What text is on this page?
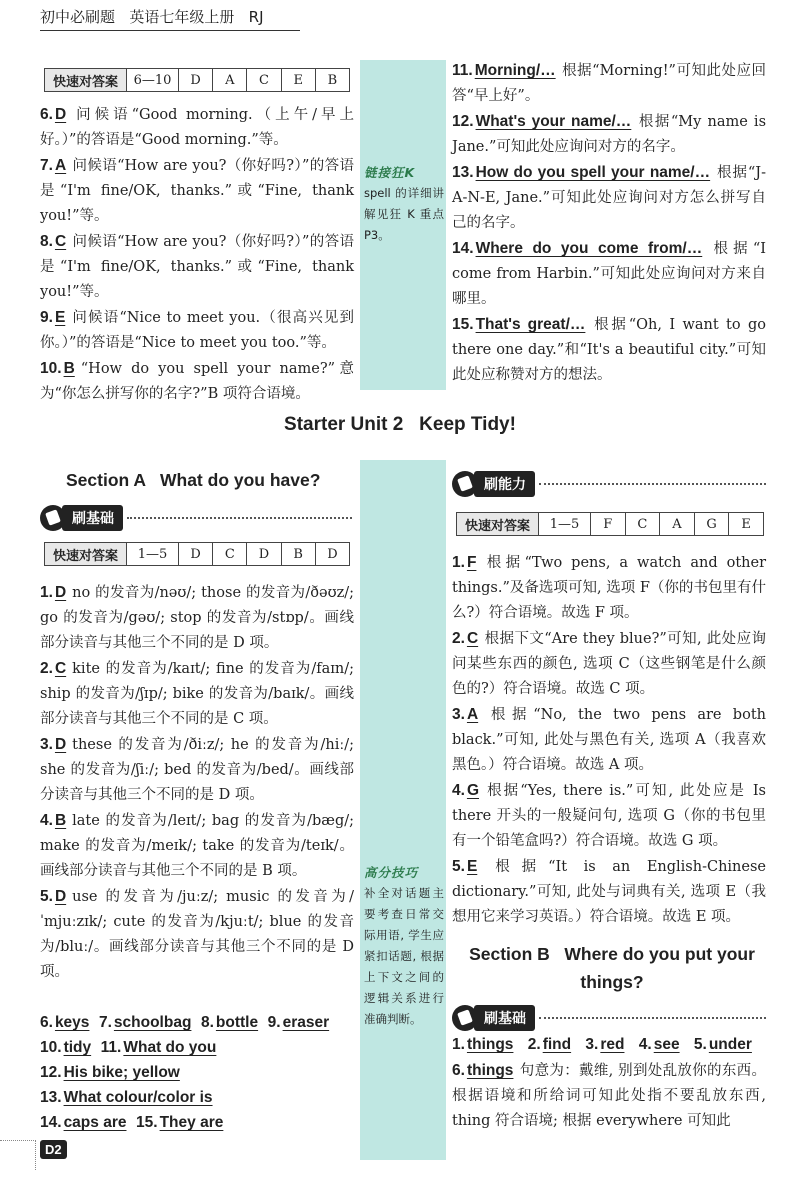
初中必刷题 英语七年级上册 RJ
快速对答案	6—10	D	A	C	E	B

6. D 问候语“Good morning.（上午/早上好。）”的答语是“Good morning.”等。

7. A 问候语“How are you?（你好吗?）”的答语是“I'm fine/OK, thanks.”或“Fine, thank you!”等。

8. C 问候语“How are you?（你好吗?）”的答语是“I'm fine/OK, thanks.”或“Fine, thank you!”等。

9. E 问候语“Nice to meet you.（很高兴见到你。）”的答语是“Nice to meet you too.”等。

10. B “How do you spell your name?”意为“你怎么拼写你的名字?”B 项符合语境。

链接狂K
spell 的详细讲解见狂 K 重点 P3。

11. Morning/… 根据“Morning!”可知此处应回答“早上好”。

12. What's your name/… 根据“My name is Jane.”可知此处应询问对方的名字。

13. How do you spell your name/… 根据“J-A-N-E, Jane.”可知此处应询问对方怎么拼写自己的名字。

14. Where do you come from/… 根据“I come from Harbin.”可知此处应询问对方来自哪里。

15. That's great/… 根据“Oh, I want to go there one day.”和“It's a beautiful city.”可知此处应称赞对方的想法。

Starter Unit 2   Keep Tidy!
Section A   What do you have?
刷基础
快速对答案	1—5	D	C	D	B	D

1. D no 的发音为/nəʊ/; those 的发音为/ðəʊz/; go 的发音为/gəʊ/; stop 的发音为/stɒp/。画线部分读音与其他三个不同的是 D 项。

2. C kite 的发音为/kaɪt/; fine 的发音为/faɪn/; ship 的发音为/ʃɪp/; bike 的发音为/baɪk/。画线部分读音与其他三个不同的是 C 项。

3. D these 的发音为/ðiːz/; he 的发音为/hiː/; she 的发音为/ʃiː/; bed 的发音为/bed/。画线部分读音与其他三个不同的是 D 项。

4. B late 的发音为/leɪt/; bag 的发音为/bæg/; make 的发音为/meɪk/; take 的发音为/teɪk/。画线部分读音与其他三个不同的是 B 项。

5. D use 的发音为/juːz/; music 的发音为/ˈmjuːzɪk/; cute 的发音为/kjuːt/; blue 的发音为/bluː/。画线部分读音与其他三个不同的是 D 项。

6. keys 7. schoolbag 8. bottle 9. eraser
10. tidy 11. What do you
12. His bike; yellow
13. What colour/color is
14. caps are 15. They are
高分技巧
补全对话题主要考查日常交际用语, 学生应紧扣话题, 根据上下文之间的逻辑关系进行准确判断。
刷能力
快速对答案	1—5	F	C	A	G	E

1. F 根据“Two pens, a watch and other things.”及备选项可知, 选项 F（你的书包里有什么?）符合语境。故选 F 项。

2. C 根据下文“Are they blue?”可知, 此处应询问某些东西的颜色, 选项 C（这些钢笔是什么颜色的?）符合语境。故选 C 项。

3. A 根据“No, the two pens are both black.”可知, 此处与黑色有关, 选项 A（我喜欢黑色。）符合语境。故选 A 项。

4. G 根据“Yes, there is.”可知, 此处应是 Is there 开头的一般疑问句, 选项 G（你的书包里有一个铅笔盒吗?）符合语境。故选 G 项。

5. E 根据“It is an English-Chinese dictionary.”可知, 此处与词典有关, 选项 E（我想用它来学习英语。）符合语境。故选 E 项。

Section B   Where do you put your
things?
刷基础
1. things 2. find 3. red 4. see 5. under

6. things 句意为：戴维, 别到处乱放你的东西。根据语境和所给词可知此处指不要乱放东西, thing 符合语境; 根据 everywhere 可知此

D2
